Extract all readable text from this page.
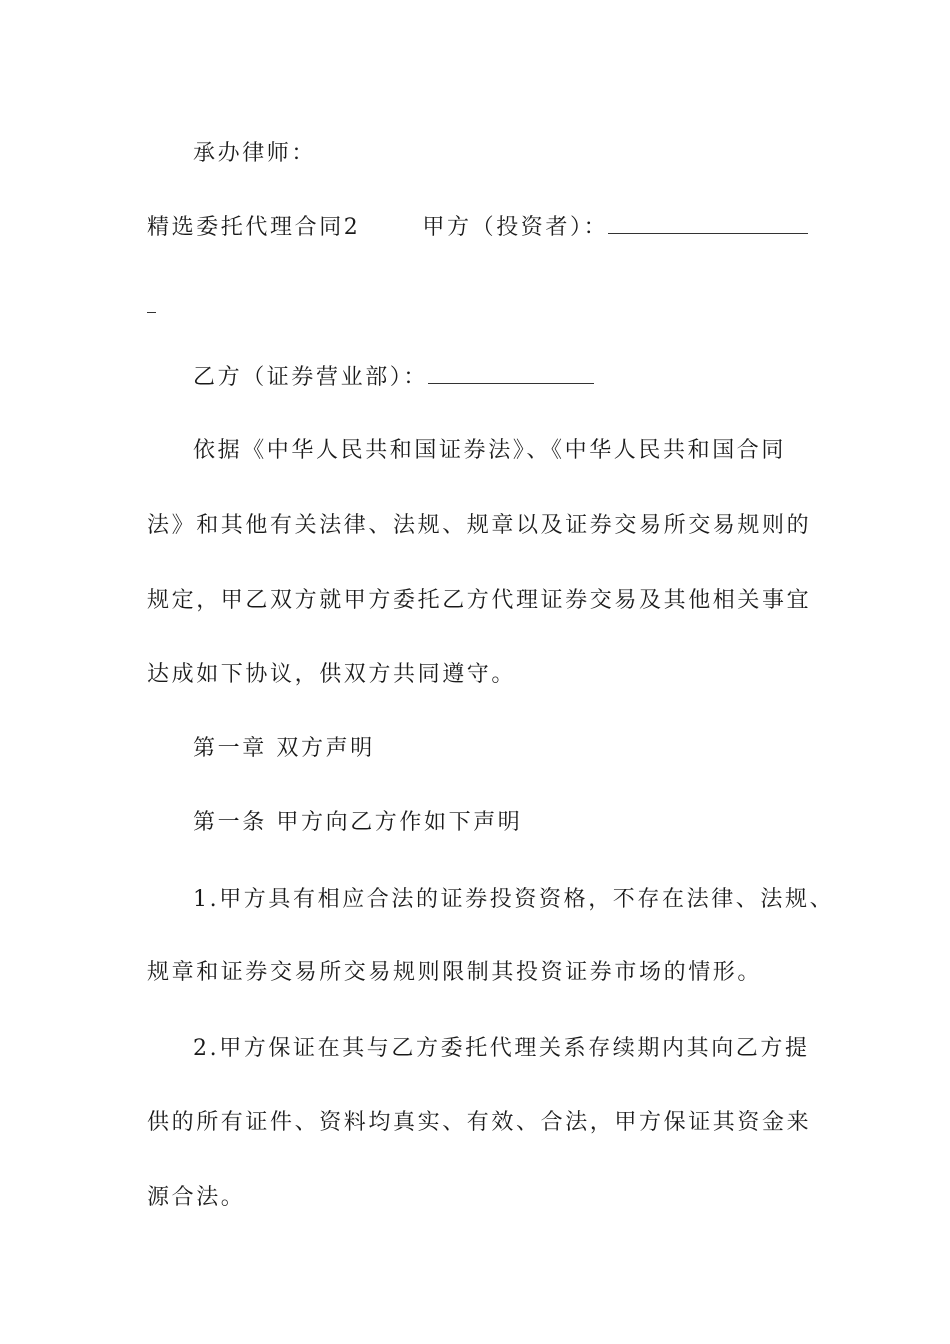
承办律师：
精选委托代理合同2	甲方（投资者）：
乙方（证券营业部）：
依据《中华人民共和国证券法》、《中华人民共和国合同
法》和其他有关法律、法规、规章以及证券交易所交易规则的
规定，甲乙双方就甲方委托乙方代理证券交易及其他相关事宜
达成如下协议，供双方共同遵守。
第一章 双方声明
第一条 甲方向乙方作如下声明
1.甲方具有相应合法的证券投资资格，不存在法律、法规、
规章和证券交易所交易规则限制其投资证券市场的情形。
2.甲方保证在其与乙方委托代理关系存续期内其向乙方提
供的所有证件、资料均真实、有效、合法，甲方保证其资金来
源合法。
